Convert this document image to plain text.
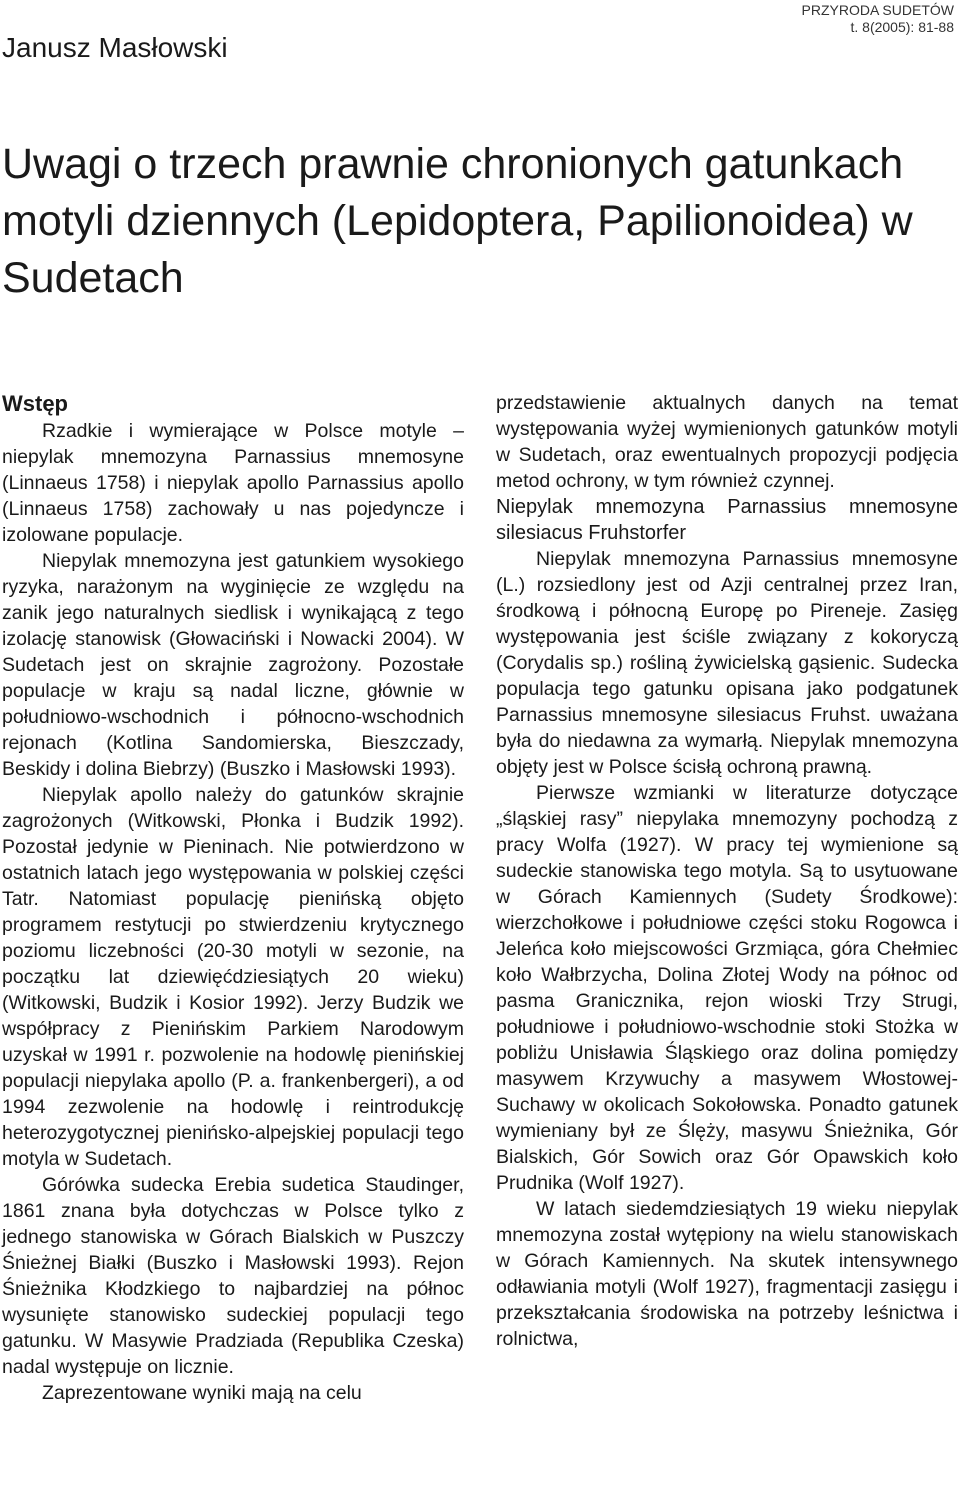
Janusz Masłowski
PRZYRODA SUDETÓW
t. 8(2005): 81-88
Uwagi o trzech prawnie chronionych gatunkach motyli dziennych (Lepidoptera, Papilionoidea) w Sudetach

Wstęp

Rzadkie i wymierające w Polsce motyle – niepylak mnemozyna Parnassius mnemosyne (Linnaeus 1758) i niepylak apollo Parnassius apollo (Linnaeus 1758) zachowały u nas pojedyncze i izolowane populacje.

Niepylak mnemozyna jest gatunkiem wysokiego ryzyka, narażonym na wyginięcie ze względu na zanik jego naturalnych siedlisk i wynikającą z tego izolację stanowisk (Głowaciński i Nowacki 2004). W Sudetach jest on skrajnie zagrożony. Pozostałe populacje w kraju są nadal liczne, głównie w południowo-wschodnich i północno-wschodnich rejonach (Kotlina Sandomierska, Bieszczady, Beskidy i dolina Biebrzy) (Buszko i Masłowski 1993).

Niepylak apollo należy do gatunków skrajnie zagrożonych (Witkowski, Płonka i Budzik 1992). Pozostał jedynie w Pieninach. Nie potwierdzono w ostatnich latach jego występowania w polskiej części Tatr. Natomiast populację pienińską objęto programem restytucji po stwierdzeniu krytycznego poziomu liczebności (20-30 motyli w sezonie, na początku lat dziewięćdziesiątych 20 wieku) (Witkowski, Budzik i Kosior 1992). Jerzy Budzik we współpracy z Pienińskim Parkiem Narodowym uzyskał w 1991 r. pozwolenie na hodowlę pienińskiej populacji niepylaka apollo (P. a. frankenbergeri), a od 1994 zezwolenie na hodowlę i reintrodukcję heterozygotycznej pienińsko-alpejskiej populacji tego motyla w Sudetach.

Górówka sudecka Erebia sudetica Staudinger, 1861 znana była dotychczas w Polsce tylko z jednego stanowiska w Górach Bialskich w Puszczy Śnieżnej Białki (Buszko i Masłowski 1993). Rejon Śnieżnika Kłodzkiego to najbardziej na północ wysunięte stanowisko sudeckiej populacji tego gatunku. W Masywie Pradziada (Republika Czeska) nadal występuje on licznie.

Zaprezentowane wyniki mają na celu

przedstawienie aktualnych danych na temat występowania wyżej wymienionych gatunków motyli w Sudetach, oraz ewentualnych propozycji podjęcia metod ochrony, w tym również czynnej.

Niepylak mnemozyna Parnassius mnemosyne silesiacus Fruhstorfer

Niepylak mnemozyna Parnassius mnemosyne (L.) rozsiedlony jest od Azji centralnej przez Iran, środkową i północną Europę po Pireneje. Zasięg występowania jest ściśle związany z kokoryczą (Corydalis sp.) rośliną żywicielską gąsienic. Sudecka populacja tego gatunku opisana jako podgatunek Parnassius mnemosyne silesiacus Fruhst. uważana była do niedawna za wymarłą. Niepylak mnemozyna objęty jest w Polsce ścisłą ochroną prawną.

Pierwsze wzmianki w literaturze dotyczące „śląskiej rasy” niepylaka mnemozyny pochodzą z pracy Wolfa (1927). W pracy tej wymienione są sudeckie stanowiska tego motyla. Są to usytuowane w Górach Kamiennych (Sudety Środkowe): wierzchołkowe i południowe części stoku Rogowca i Jeleńca koło miejscowości Grzmiąca, góra Chełmiec koło Wałbrzycha, Dolina Złotej Wody na północ od pasma Granicznika, rejon wioski Trzy Strugi, południowe i południowo-wschodnie stoki Stożka w pobliżu Unisławia Śląskiego oraz dolina pomiędzy masywem Krzywuchy a masywem Włostowej-Suchawy w okolicach Sokołowska. Ponadto gatunek wymieniany był ze Ślęży, masywu Śnieżnika, Gór Bialskich, Gór Sowich oraz Gór Opawskich koło Prudnika (Wolf 1927).

W latach siedemdziesiątych 19 wieku niepylak mnemozyna został wytępiony na wielu stanowiskach w Górach Kamiennych. Na skutek intensywnego odławiania motyli (Wolf 1927), fragmentacji zasięgu i przekształcania środowiska na potrzeby leśnictwa i rolnictwa,
